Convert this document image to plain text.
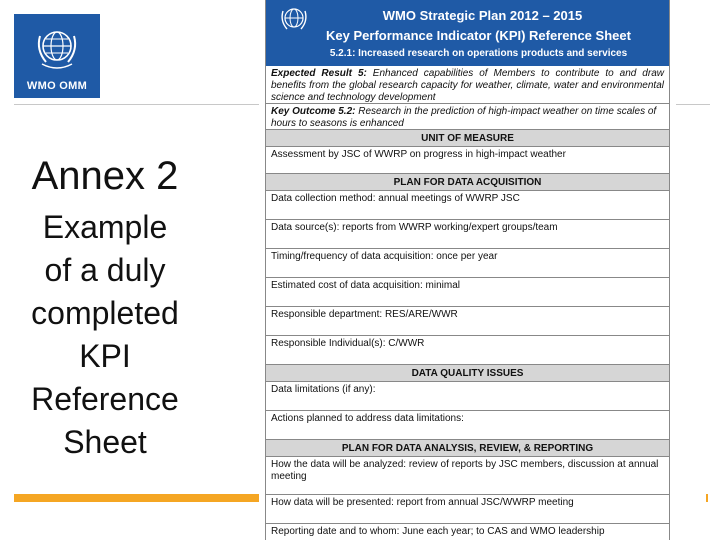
WMO OMM
Annex 2
Example
of a duly
completed
KPI
Reference
Sheet
WMO Strategic Plan 2012 – 2015
Key Performance Indicator (KPI) Reference Sheet
5.2.1: Increased research on operations products and services
Expected Result 5: Enhanced capabilities of Members to contribute to and draw benefits from the global research capacity for weather, climate, water and environmental science and technology development
Key Outcome 5.2: Research in the prediction of high-impact weather on time scales of hours to seasons is enhanced
UNIT OF MEASURE
Assessment by JSC of WWRP on progress in high-impact weather
PLAN FOR DATA ACQUISITION
Data collection method: annual meetings of WWRP JSC
Data source(s): reports from WWRP working/expert groups/team
Timing/frequency of data acquisition: once per year
Estimated cost of data acquisition: minimal
Responsible department: RES/ARE/WWR
Responsible Individual(s): C/WWR
DATA QUALITY ISSUES
Data limitations (if any):
Actions planned to address data limitations:
PLAN FOR DATA ANALYSIS, REVIEW, & REPORTING
How the data will be analyzed: review of reports by JSC members, discussion at annual meeting
How data will be presented: report from annual JSC/WWRP meeting
Reporting date and to whom: June each year; to CAS and WMO leadership
